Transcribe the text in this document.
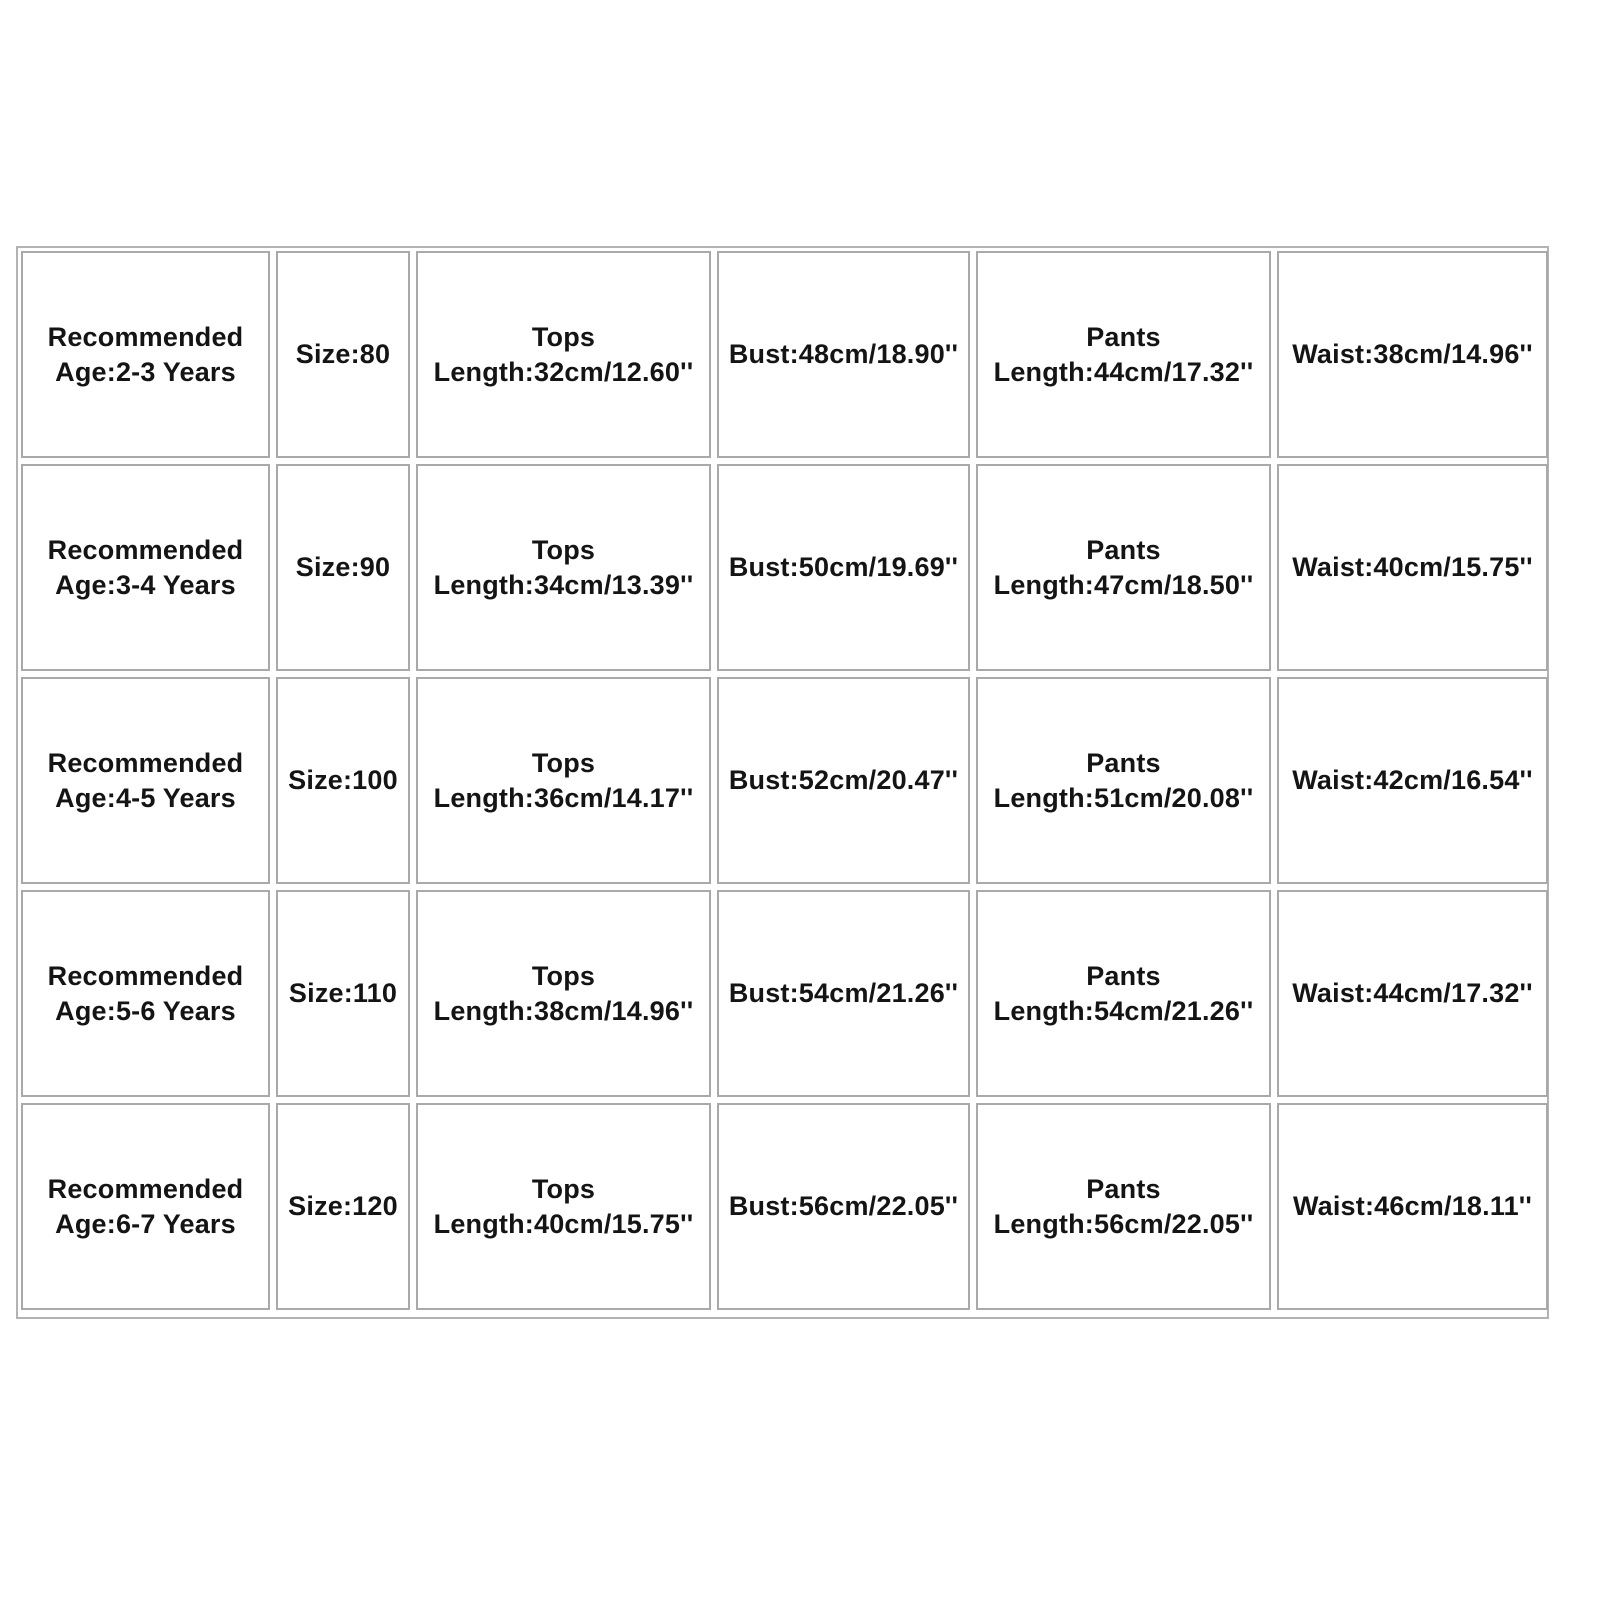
Recommended
Age:2-3 Years
Size:80
Tops
Length:32cm/12.60''
Bust:48cm/18.90''
Pants
Length:44cm/17.32''
Waist:38cm/14.96''
Recommended
Age:3-4 Years
Size:90
Tops
Length:34cm/13.39''
Bust:50cm/19.69''
Pants
Length:47cm/18.50''
Waist:40cm/15.75''
Recommended
Age:4-5 Years
Size:100
Tops
Length:36cm/14.17''
Bust:52cm/20.47''
Pants
Length:51cm/20.08''
Waist:42cm/16.54''
Recommended
Age:5-6 Years
Size:110
Tops
Length:38cm/14.96''
Bust:54cm/21.26''
Pants
Length:54cm/21.26''
Waist:44cm/17.32''
Recommended
Age:6-7 Years
Size:120
Tops
Length:40cm/15.75''
Bust:56cm/22.05''
Pants
Length:56cm/22.05''
Waist:46cm/18.11''
